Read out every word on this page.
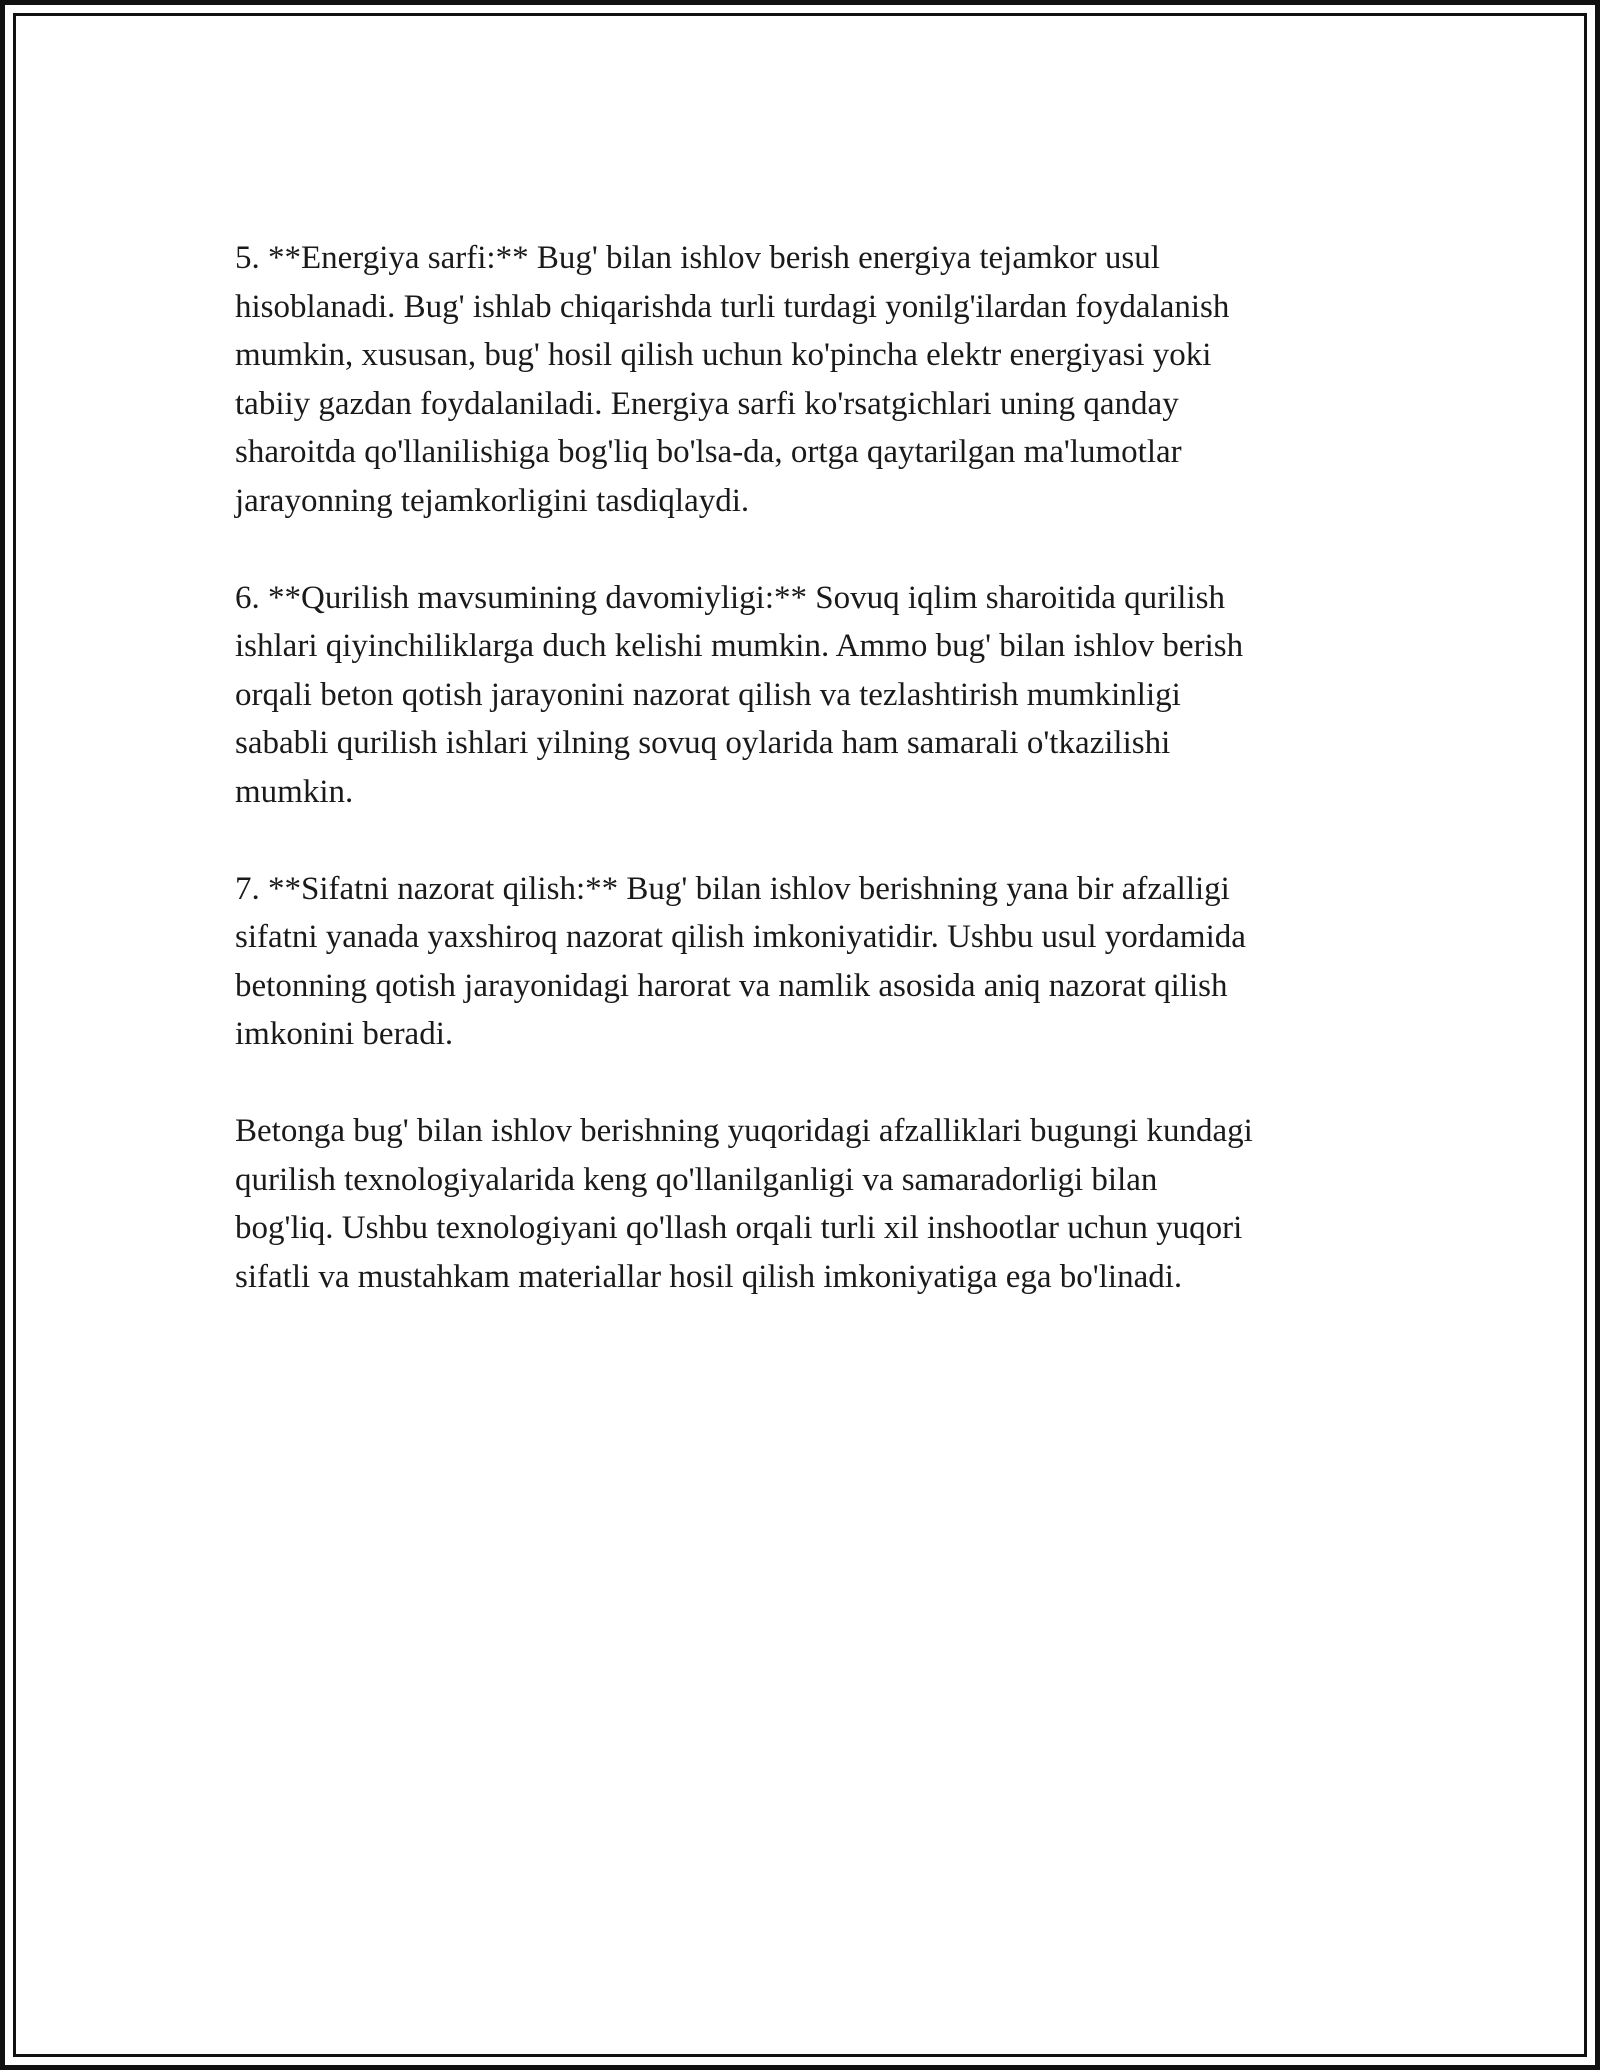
5. **Energiya sarfi:** Bug' bilan ishlov berish energiya tejamkor usul
hisoblanadi. Bug' ishlab chiqarishda turli turdagi yonilg'ilardan foydalanish
mumkin, xususan, bug' hosil qilish uchun ko'pincha elektr energiyasi yoki
tabiiy gazdan foydalaniladi. Energiya sarfi ko'rsatgichlari uning qanday
sharoitda qo'llanilishiga bog'liq bo'lsa-da, ortga qaytarilgan ma'lumotlar
jarayonning tejamkorligini tasdiqlaydi.

6. **Qurilish mavsumining davomiyligi:** Sovuq iqlim sharoitida qurilish
ishlari qiyinchiliklarga duch kelishi mumkin. Ammo bug' bilan ishlov berish
orqali beton qotish jarayonini nazorat qilish va tezlashtirish mumkinligi
sababli qurilish ishlari yilning sovuq oylarida ham samarali o'tkazilishi
mumkin.

7. **Sifatni nazorat qilish:** Bug' bilan ishlov berishning yana bir afzalligi
sifatni yanada yaxshiroq nazorat qilish imkoniyatidir. Ushbu usul yordamida
betonning qotish jarayonidagi harorat va namlik asosida aniq nazorat qilish
imkonini beradi.

Betonga bug' bilan ishlov berishning yuqoridagi afzalliklari bugungi kundagi
qurilish texnologiyalarida keng qo'llanilganligi va samaradorligi bilan
bog'liq. Ushbu texnologiyani qo'llash orqali turli xil inshootlar uchun yuqori
sifatli va mustahkam materiallar hosil qilish imkoniyatiga ega bo'linadi.
